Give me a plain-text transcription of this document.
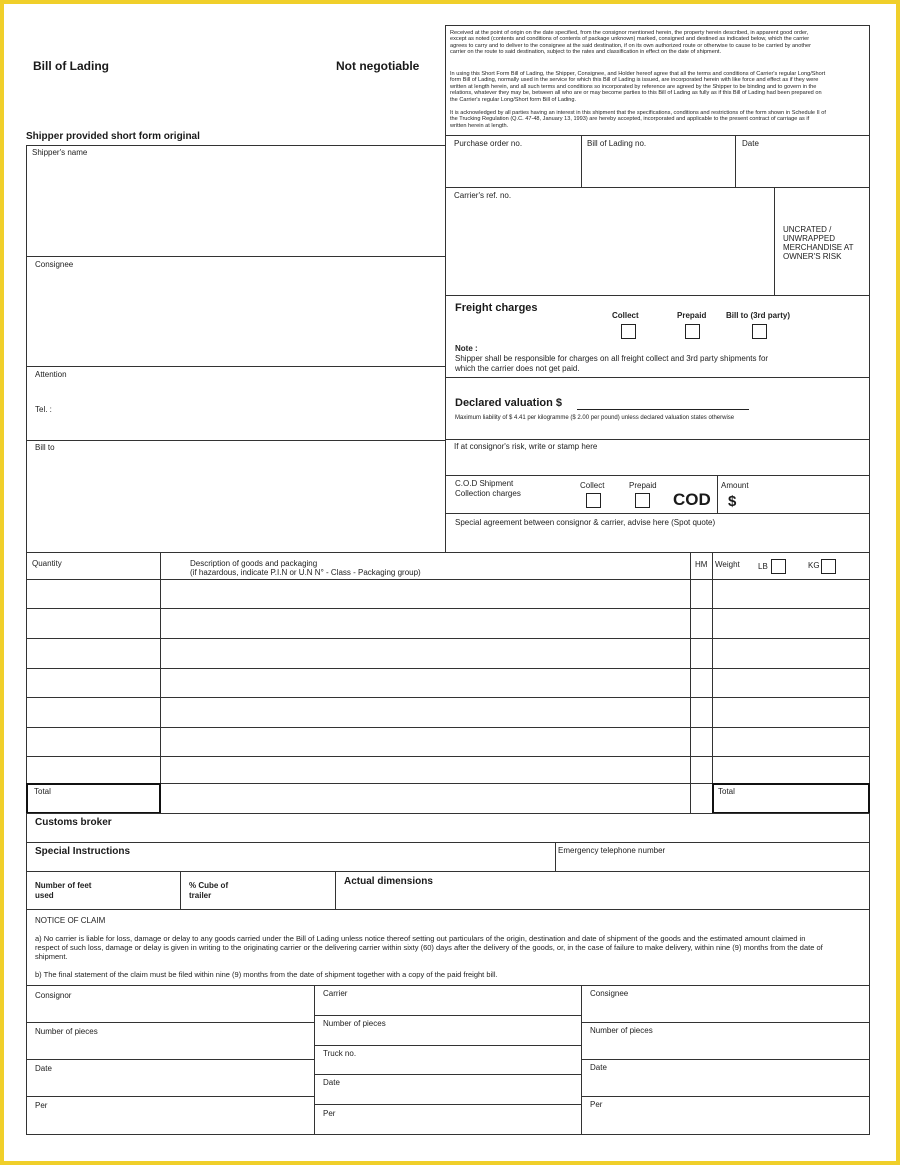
Bill of Lading	Not negotiable
Shipper provided short form original
Received at the point of origin on the date specified, from the consignor mentioned herein, the property herein described, in apparent good order, except as noted (contents and conditions of contents of package unknown) marked, consigned and destined as indicated below, which the carrier agrees to carry and to deliver to the consignee at the said destination, if on its own authorized route or otherwise to cause to be carried by another carrier on the route to said destination, subject to the rates and classification in effect on the date of shipment.
In using this Short Form Bill of Lading, the Shipper, Consignee, and Holder hereof agree that all the terms and conditions of Carrier's regular Long/Short form Bill of Lading, normally used in the service for which this Bill of Lading is issued, are incorporated herein with like force and effect as if they were written at length herein, and all such terms and conditions so incorporated by reference are agreed by the Shipper to be binding and to govern in the relations, whatever they may be, between all who are or may become parties to this Bill of Lading as fully as if this Bill of Lading had been prepared on the Carrier's regular Long/Short form Bill of Lading.
It is acknowledged by all parties having an interest in this shipment that the specifications, conditions and restrictions of the form shown in Schedule II of the Trucking Regulation (Q.C. 47-48, January 13, 1993) are hereby accepted, incorporated and applicable to the present contract of carriage as if written herein at length.
Shipper's name
Consignee
Attention
Tel. :
Bill to
Purchase order no.	Bill of Lading no.	Date
Carrier's ref. no.
UNCRATED / UNWRAPPED MERCHANDISE AT OWNER'S RISK
Freight charges
Collect	Prepaid Bill to (3rd party)
Note :
Shipper shall be responsible for charges on all freight collect and 3rd party shipments for which the carrier does not get paid.
Declared valuation $
Maximum liability of $ 4.41 per kilogramme ($ 2.00 per pound) unless declared valuation states otherwise
If at consignor's risk, write or stamp here
C.O.D Shipment
Collection charges
Collect	Prepaid
COD
Amount
$
Special agreement between consignor & carrier, advise here (Spot quote)
Quantity	Description of goods and packaging
(if hazardous, indicate P.I.N or U.N N° - Class - Packaging group)
HM Weight LB	KG
Total	Total
Customs broker
Special Instructions	Emergency telephone number
Number of feet used
% Cube of trailer
Actual dimensions
NOTICE OF CLAIM
a) No carrier is liable for loss, damage or delay to any goods carried under the Bill of Lading unless notice thereof setting out particulars of the origin, destination and date of shipment of the goods and the estimated amount claimed in respect of such loss, damage or delay is given in writing to the originating carrier or the delivering carrier within sixty (60) days after the delivery of the goods, or, in the case of failure to make delivery, within nine (9) months from the date of shipment.
b) The final statement of the claim must be filed within nine (9) months from the date of shipment together with a copy of the paid freight bill.
Consignor
Number of pieces
Date
Per
Carrier
Number of pieces
Truck no.
Date
Per
Consignee
Number of pieces
Date
Per
